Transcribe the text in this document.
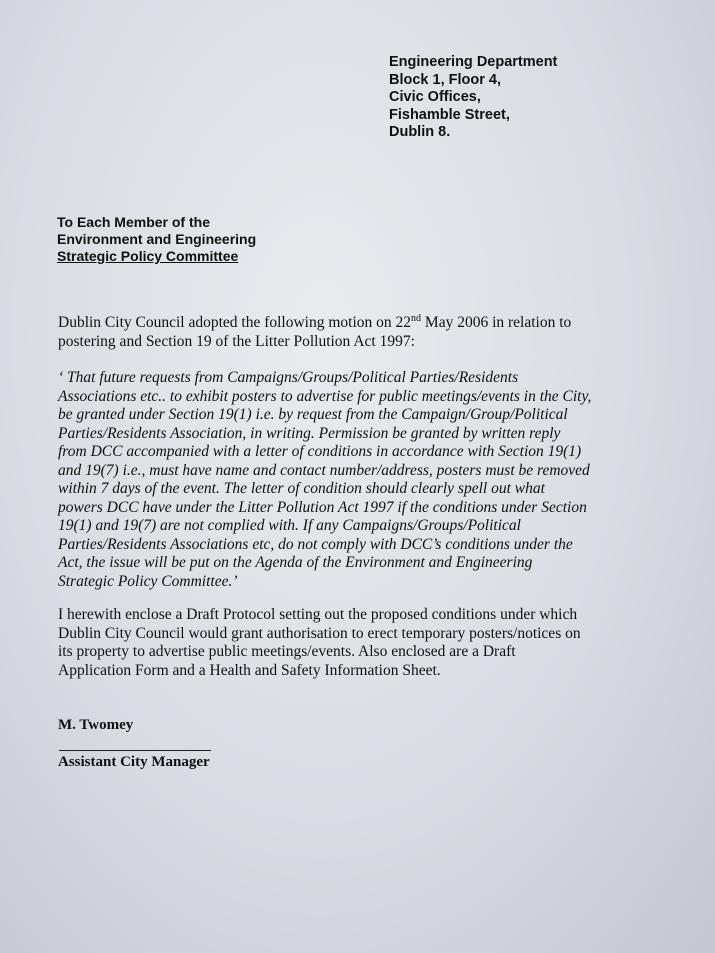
Engineering Department
Block 1, Floor 4,
Civic Offices,
Fishamble Street,
Dublin 8.
To Each Member of the
Environment and Engineering
Strategic Policy Committee
Dublin City Council adopted the following motion on 22nd May 2006 in relation to postering and Section 19 of the Litter Pollution Act 1997:
‘ That future requests from Campaigns/Groups/Political Parties/Residents
Associations etc.. to exhibit posters to advertise for public meetings/events in the City,
be granted under Section 19(1) i.e. by request from the Campaign/Group/Political
Parties/Residents Association, in writing. Permission be granted by written reply
from DCC accompanied with a letter of conditions in accordance with Section 19(1)
and 19(7) i.e., must have name and contact number/address, posters must be removed
within 7 days of the event. The letter of condition should clearly spell out what
powers DCC have under the Litter Pollution Act 1997 if the conditions under Section
19(1) and 19(7) are not complied with. If any Campaigns/Groups/Political
Parties/Residents Associations etc, do not comply with DCC’s conditions under the
Act, the issue will be put on the Agenda of the Environment and Engineering
Strategic Policy Committee.’
I herewith enclose a Draft Protocol setting out the proposed conditions under which
Dublin City Council would grant authorisation to erect temporary posters/notices on
its property to advertise public meetings/events. Also enclosed are a Draft
Application Form and a Health and Safety Information Sheet.
M. Twomey
Assistant City Manager
